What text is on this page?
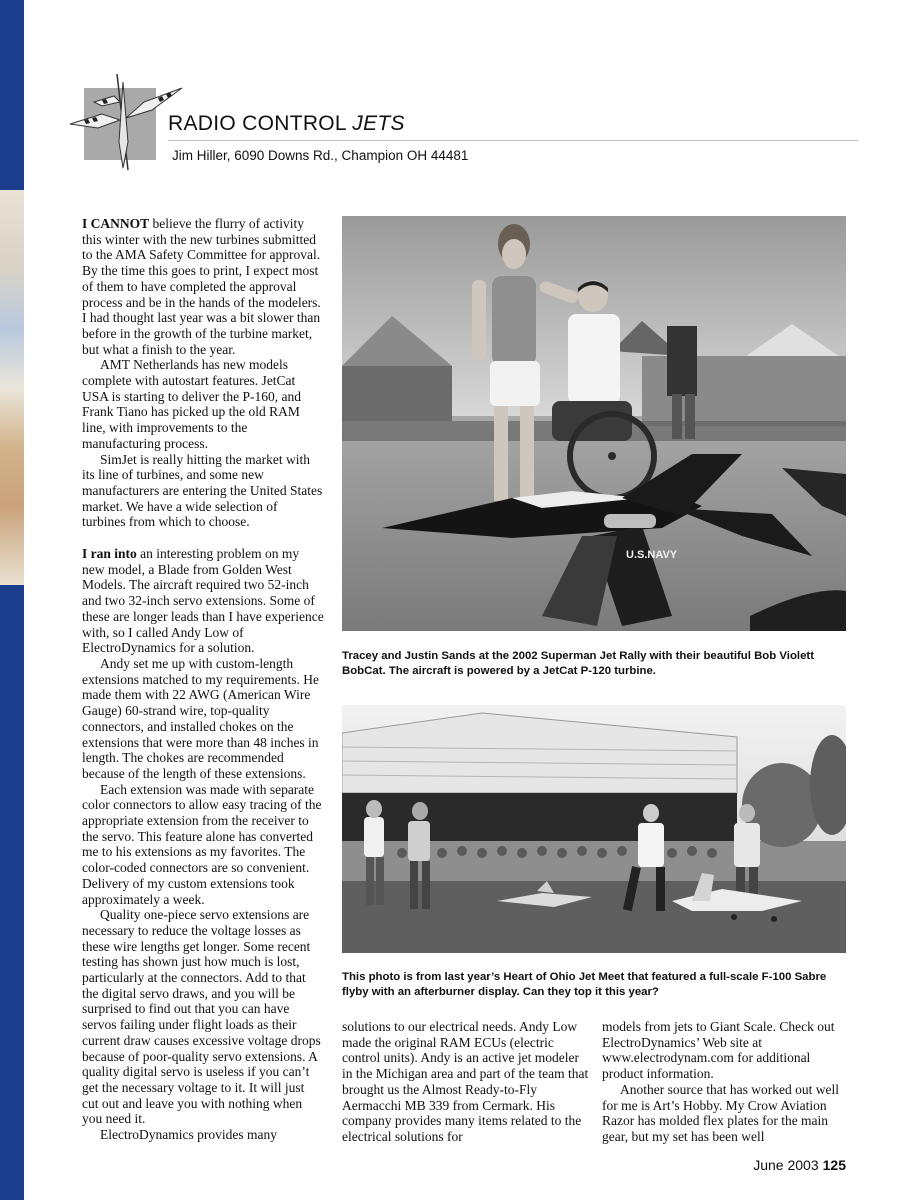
RADIO CONTROL JETS
Jim Hiller, 6090 Downs Rd., Champion OH 44481

I CANNOT believe the flurry of activity this winter with the new turbines submitted to the AMA Safety Committee for approval. By the time this goes to print, I expect most of them to have completed the approval process and be in the hands of the modelers. I had thought last year was a bit slower than before in the growth of the turbine market, but what a finish to the year.

AMT Netherlands has new models complete with autostart features. JetCat USA is starting to deliver the P-160, and Frank Tiano has picked up the old RAM line, with improvements to the manufacturing process.

SimJet is really hitting the market with its line of turbines, and some new manufacturers are entering the United States market. We have a wide selection of turbines from which to choose.

I ran into an interesting problem on my new model, a Blade from Golden West Models. The aircraft required two 52-inch and two 32-inch servo extensions. Some of these are longer leads than I have experience with, so I called Andy Low of ElectroDynamics for a solution.

Andy set me up with custom-length extensions matched to my requirements. He made them with 22 AWG (American Wire Gauge) 60-strand wire, top-quality connectors, and installed chokes on the extensions that were more than 48 inches in length. The chokes are recommended because of the length of these extensions.

Each extension was made with separate color connectors to allow easy tracing of the appropriate extension from the receiver to the servo. This feature alone has converted me to his extensions as my favorites. The color-coded connectors are so convenient. Delivery of my custom extensions took approximately a week.

Quality one-piece servo extensions are necessary to reduce the voltage losses as these wire lengths get longer. Some recent testing has shown just how much is lost, particularly at the connectors. Add to that the digital servo draws, and you will be surprised to find out that you can have servos failing under flight loads as their current draw causes excessive voltage drops because of poor-quality servo extensions. A quality digital servo is useless if you can’t get the necessary voltage to it. It will just cut out and leave you with nothing when you need it.

ElectroDynamics provides many

U.S.NAVY
Tracey and Justin Sands at the 2002 Superman Jet Rally with their beautiful Bob Violett BobCat. The aircraft is powered by a JetCat P-120 turbine.
This photo is from last year’s Heart of Ohio Jet Meet that featured a full-scale F-100 Sabre flyby with an afterburner display. Can they top it this year?

solutions to our electrical needs. Andy Low made the original RAM ECUs (electric control units). Andy is an active jet modeler in the Michigan area and part of the team that brought us the Almost Ready-to-Fly Aermacchi MB 339 from Cermark. His company provides many items related to the electrical solutions for

models from jets to Giant Scale. Check out ElectroDynamics’ Web site at www.electrodynam.com for additional product information.

Another source that has worked out well for me is Art’s Hobby. My Crow Aviation Razor has molded flex plates for the main gear, but my set has been well

June 2003 125
